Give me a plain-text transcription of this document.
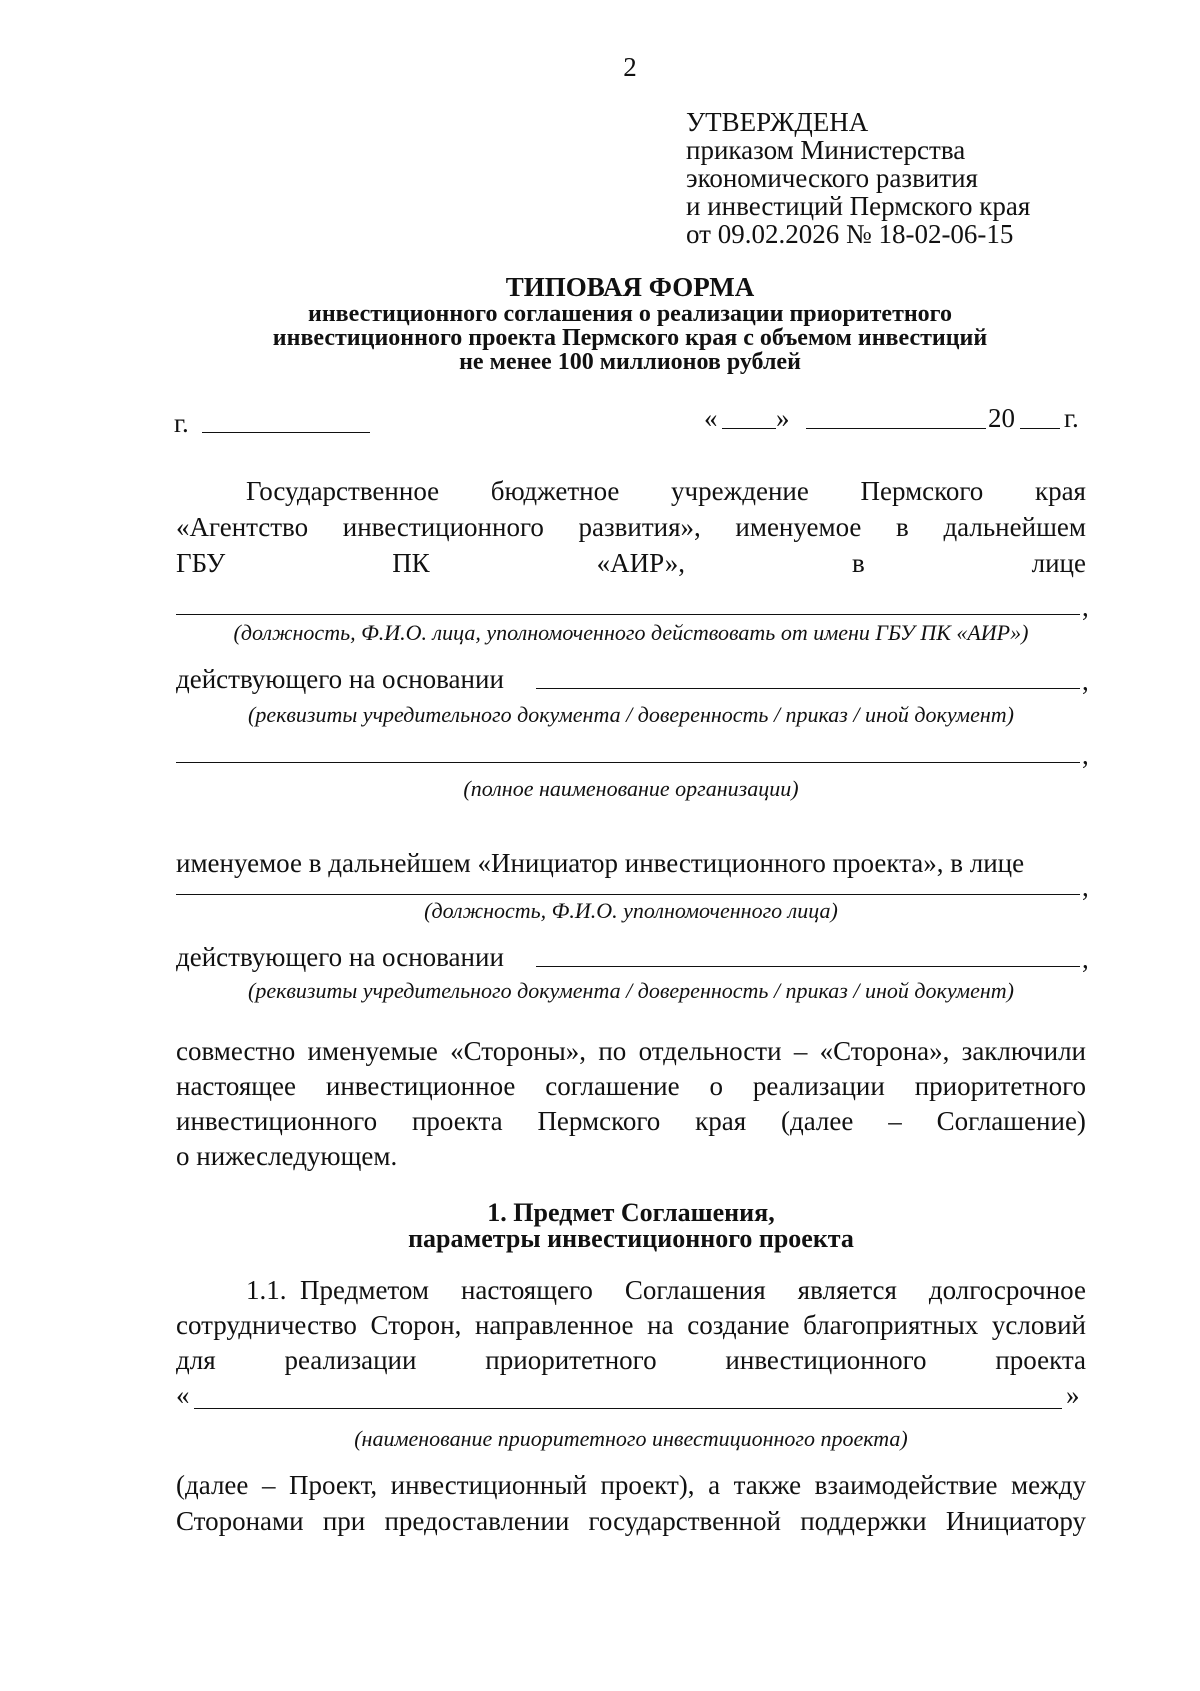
2
УТВЕРЖДЕНА
приказом Министерства
экономического развития
и инвестиций Пермского края
от 09.02.2026 № 18-02-06-15
ТИПОВАЯ ФОРМА
инвестиционного соглашения о реализации приоритетного
инвестиционного проекта Пермского края с объемом инвестиций
не менее 100 миллионов рублей
г.	« »	20 г.
Государственное бюджетное учреждение Пермского края
«Агентство инвестиционного развития», именуемое в дальнейшем
ГБУ	ПК	«АИР»,	в	лице
,
(должность, Ф.И.О. лица, уполномоченного действовать от имени ГБУ ПК «АИР»)
действующего на основании	,
(реквизиты учредительного документа / доверенность / приказ / иной документ)
,
(полное наименование организации)
именуемое в дальнейшем «Инициатор инвестиционного проекта», в лице
,
(должность, Ф.И.О. уполномоченного лица)
действующего на основании	,
(реквизиты учредительного документа / доверенность / приказ / иной документ)
совместно именуемые «Стороны», по отдельности – «Сторона», заключили
настоящее инвестиционное соглашение о реализации приоритетного
инвестиционного проекта Пермского края (далее – Соглашение)
о нижеследующем.
1. Предмет Соглашения,
параметры инвестиционного проекта
1.1. Предметом настоящего Соглашения является долгосрочное
сотрудничество Сторон, направленное на создание благоприятных условий
для	реализации	приоритетного	инвестиционного	проекта
«	»
(наименование приоритетного инвестиционного проекта)
(далее – Проект, инвестиционный проект), а также взаимодействие между
Сторонами при предоставлении государственной поддержки Инициатору
